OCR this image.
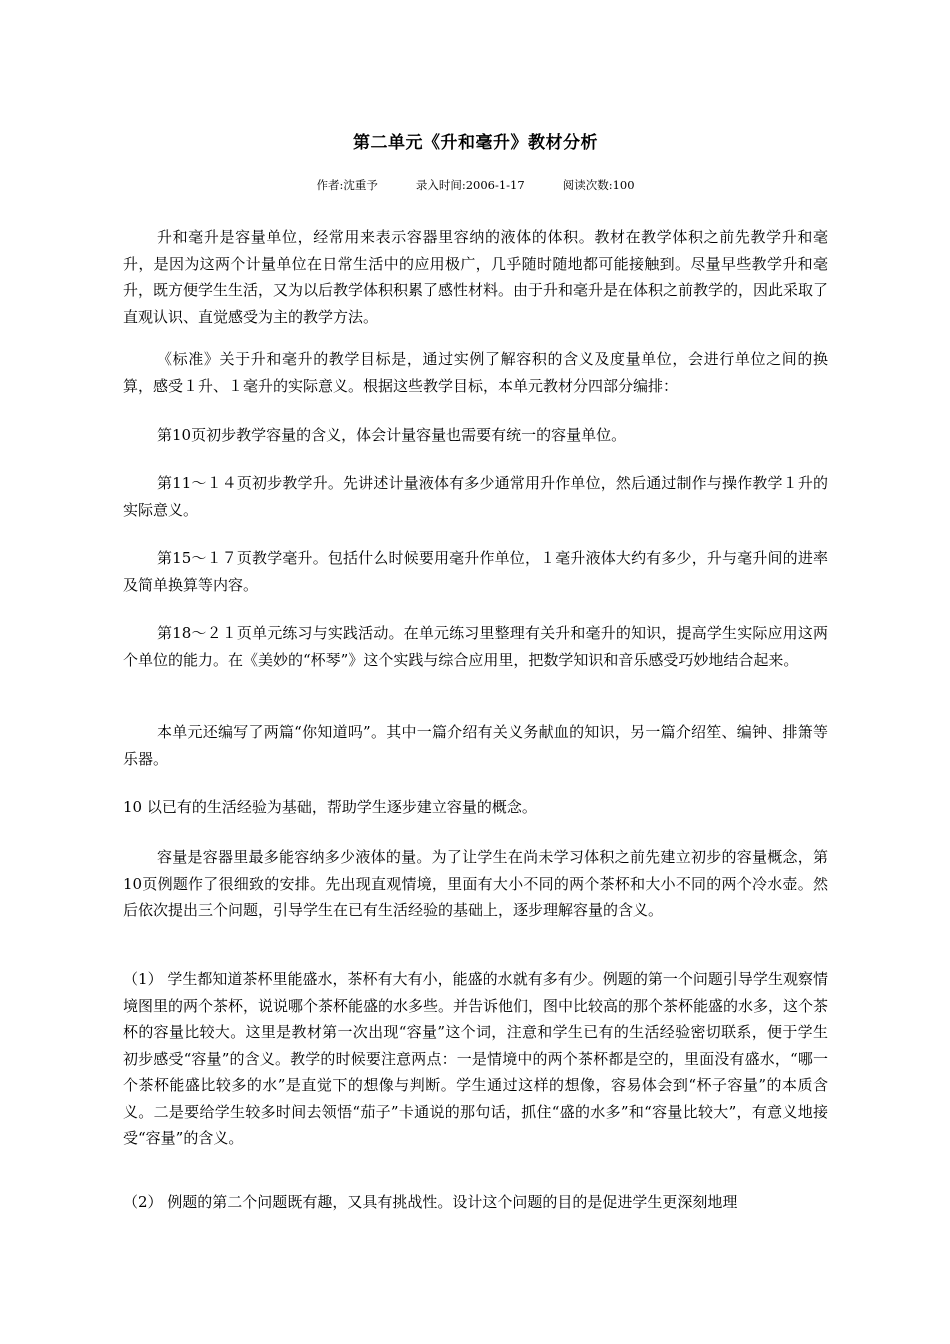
第二单元《升和毫升》教材分析
作者:沈重予	录入时间:2006-1-17	阅读次数:100

升和毫升是容量单位，经常用来表示容器里容纳的液体的体积。教材在教学体积之前先教学升和毫升，是因为这两个计量单位在日常生活中的应用极广，几乎随时随地都可能接触到。尽量早些教学升和毫升，既方便学生生活，又为以后教学体积积累了感性材料。由于升和毫升是在体积之前教学的，因此采取了直观认识、直觉感受为主的教学方法。

《标准》关于升和毫升的教学目标是，通过实例了解容积的含义及度量单位，会进行单位之间的换算，感受１升、１毫升的实际意义。根据这些教学目标，本单元教材分四部分编排：

第10页初步教学容量的含义，体会计量容量也需要有统一的容量单位。

第11～１４页初步教学升。先讲述计量液体有多少通常用升作单位，然后通过制作与操作教学１升的实际意义。

第15～１７页教学毫升。包括什么时候要用毫升作单位，１毫升液体大约有多少，升与毫升间的进率及简单换算等内容。

第18～２１页单元练习与实践活动。在单元练习里整理有关升和毫升的知识，提高学生实际应用这两个单位的能力。在《美妙的“杯琴”》这个实践与综合应用里，把数学知识和音乐感受巧妙地结合起来。

本单元还编写了两篇“你知道吗”。其中一篇介绍有关义务献血的知识，另一篇介绍笙、编钟、排箫等乐器。

10 以已有的生活经验为基础，帮助学生逐步建立容量的概念。

容量是容器里最多能容纳多少液体的量。为了让学生在尚未学习体积之前先建立初步的容量概念，第10页例题作了很细致的安排。先出现直观情境，里面有大小不同的两个茶杯和大小不同的两个冷水壶。然后依次提出三个问题，引导学生在已有生活经验的基础上，逐步理解容量的含义。

（1） 学生都知道茶杯里能盛水，茶杯有大有小，能盛的水就有多有少。例题的第一个问题引导学生观察情境图里的两个茶杯，说说哪个茶杯能盛的水多些。并告诉他们，图中比较高的那个茶杯能盛的水多，这个茶杯的容量比较大。这里是教材第一次出现“容量”这个词，注意和学生已有的生活经验密切联系，便于学生初步感受“容量”的含义。教学的时候要注意两点：一是情境中的两个茶杯都是空的，里面没有盛水，“哪一个茶杯能盛比较多的水”是直觉下的想像与判断。学生通过这样的想像，容易体会到“杯子容量”的本质含义。二是要给学生较多时间去领悟“茄子”卡通说的那句话，抓住“盛的水多”和“容量比较大”，有意义地接受“容量”的含义。

（2） 例题的第二个问题既有趣，又具有挑战性。设计这个问题的目的是促进学生更深刻地理
